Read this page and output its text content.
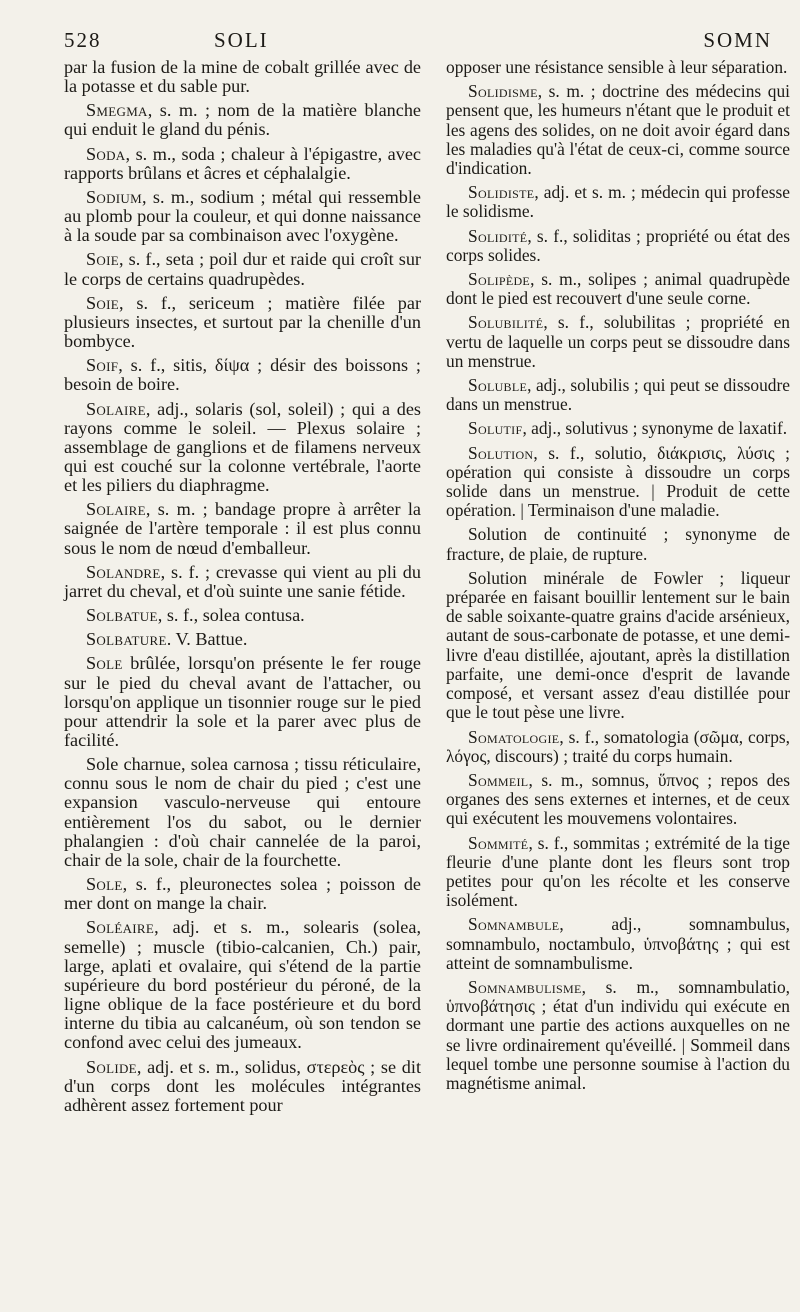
528	SOLI	SOMN

par la fusion de la mine de cobalt grillée avec de la potasse et du sable pur.

Smegma, s. m. ; nom de la matière blanche qui enduit le gland du pénis.

Soda, s. m., soda ; chaleur à l'épigastre, avec rapports brûlans et âcres et céphalalgie.

Sodium, s. m., sodium ; métal qui ressemble au plomb pour la couleur, et qui donne naissance à la soude par sa combinaison avec l'oxygène.

Soie, s. f., seta ; poil dur et raide qui croît sur le corps de certains quadrupèdes.

Soie, s. f., sericeum ; matière filée par plusieurs insectes, et surtout par la chenille d'un bombyce.

Soif, s. f., sitis, δίψα ; désir des boissons ; besoin de boire.

Solaire, adj., solaris (sol, soleil) ; qui a des rayons comme le soleil. — Plexus solaire ; assemblage de ganglions et de filamens nerveux qui est couché sur la colonne vertébrale, l'aorte et les piliers du diaphragme.

Solaire, s. m. ; bandage propre à arrêter la saignée de l'artère temporale : il est plus connu sous le nom de nœud d'emballeur.

Solandre, s. f. ; crevasse qui vient au pli du jarret du cheval, et d'où suinte une sanie fétide.

Solbatue, s. f., solea contusa.

Solbature. V. Battue.

Sole brûlée, lorsqu'on présente le fer rouge sur le pied du cheval avant de l'attacher, ou lorsqu'on applique un tisonnier rouge sur le pied pour attendrir la sole et la parer avec plus de facilité.

Sole charnue, solea carnosa ; tissu réticulaire, connu sous le nom de chair du pied ; c'est une expansion vasculo-nerveuse qui entoure entièrement l'os du sabot, ou le dernier phalangien : d'où chair cannelée de la paroi, chair de la sole, chair de la fourchette.

Sole, s. f., pleuronectes solea ; poisson de mer dont on mange la chair.

Soléaire, adj. et s. m., solearis (solea, semelle) ; muscle (tibio-calcanien, Ch.) pair, large, aplati et ovalaire, qui s'étend de la partie supérieure du bord postérieur du péroné, de la ligne oblique de la face postérieure et du bord interne du tibia au calcanéum, où son tendon se confond avec celui des jumeaux.

Solide, adj. et s. m., solidus, στερεὸς ; se dit d'un corps dont les molécules intégrantes adhèrent assez fortement pour

opposer une résistance sensible à leur séparation.

Solidisme, s. m. ; doctrine des médecins qui pensent que, les humeurs n'étant que le produit et les agens des solides, on ne doit avoir égard dans les maladies qu'à l'état de ceux-ci, comme source d'indication.

Solidiste, adj. et s. m. ; médecin qui professe le solidisme.

Solidité, s. f., soliditas ; propriété ou état des corps solides.

Solipède, s. m., solipes ; animal quadrupède dont le pied est recouvert d'une seule corne.

Solubilité, s. f., solubilitas ; propriété en vertu de laquelle un corps peut se dissoudre dans un menstrue.

Soluble, adj., solubilis ; qui peut se dissoudre dans un menstrue.

Solutif, adj., solutivus ; synonyme de laxatif.

Solution, s. f., solutio, διάκρισις, λύσις ; opération qui consiste à dissoudre un corps solide dans un menstrue. | Produit de cette opération. | Terminaison d'une maladie.

Solution de continuité ; synonyme de fracture, de plaie, de rupture.

Solution minérale de Fowler ; liqueur préparée en faisant bouillir lentement sur le bain de sable soixante-quatre grains d'acide arsénieux, autant de sous-carbonate de potasse, et une demi-livre d'eau distillée, ajoutant, après la distillation parfaite, une demi-once d'esprit de lavande composé, et versant assez d'eau distillée pour que le tout pèse une livre.

Somatologie, s. f., somatologia (σῶμα, corps, λόγος, discours) ; traité du corps humain.

Sommeil, s. m., somnus, ὕπνος ; repos des organes des sens externes et internes, et de ceux qui exécutent les mouvemens volontaires.

Sommité, s. f., sommitas ; extrémité de la tige fleurie d'une plante dont les fleurs sont trop petites pour qu'on les récolte et les conserve isolément.

Somnambule, adj., somnambulus, somnambulo, noctambulo, ὑπνοβάτης ; qui est atteint de somnambulisme.

Somnambulisme, s. m., somnambulatio, ὑπνοβάτησις ; état d'un individu qui exécute en dormant une partie des actions auxquelles on ne se livre ordinairement qu'éveillé. | Sommeil dans lequel tombe une personne soumise à l'action du magnétisme animal.
